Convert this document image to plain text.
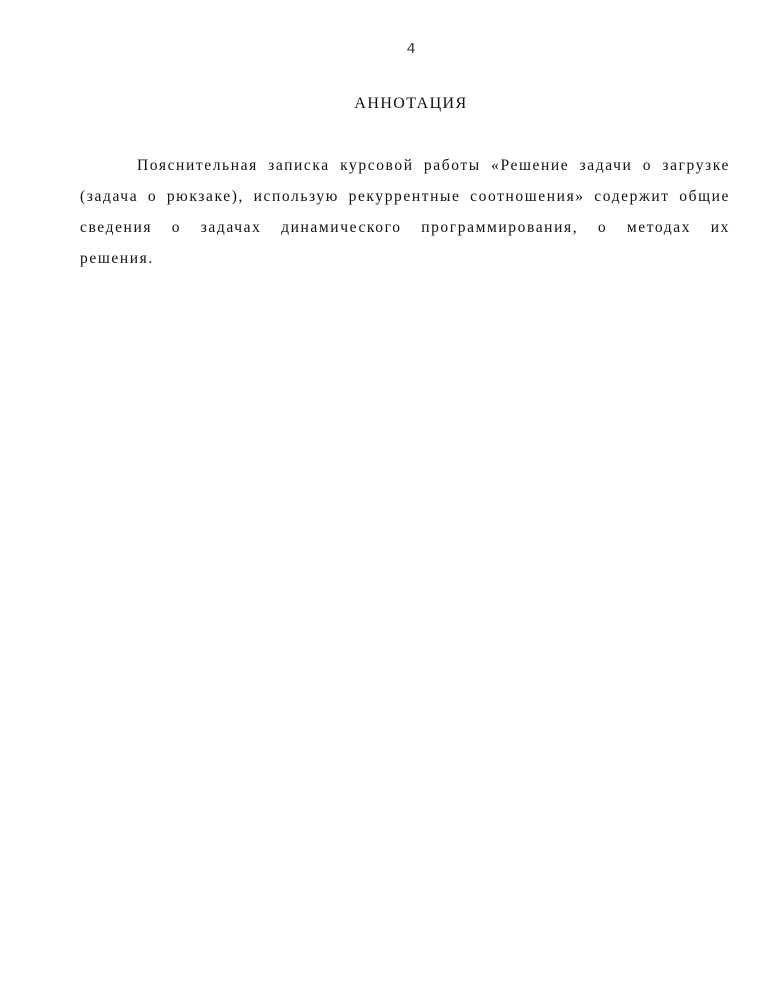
4
АННОТАЦИЯ

Пояснительная записка курсовой работы «Решение задачи о загрузке (задача о рюкзаке), использую рекуррентные соотношения» содержит общие сведения о задачах динамического программирования, о методах их решения.
